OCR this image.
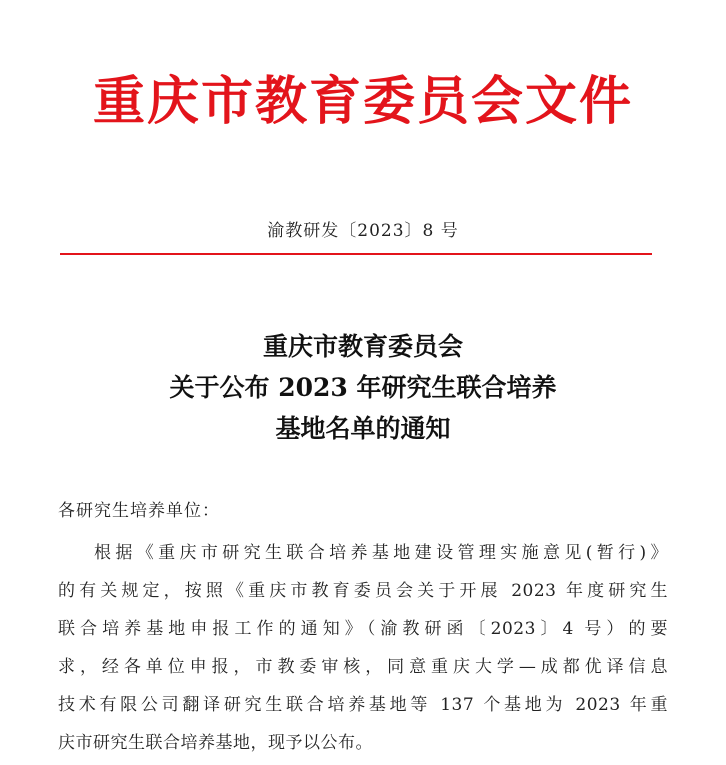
重庆市教育委员会文件
渝教研发〔2023〕8 号
重庆市教育委员会
关于公布 2023 年研究生联合培养
基地名单的通知
各研究生培养单位：
根据《重庆市研究生联合培养基地建设管理实施意见(暂行)》
的有关规定，按照《重庆市教育委员会关于开展 2023 年度研究生
联合培养基地申报工作的通知》（渝教研函〔2023〕4 号）的要
求，经各单位申报，市教委审核，同意重庆大学—成都优译信息
技术有限公司翻译研究生联合培养基地等 137 个基地为 2023 年重
庆市研究生联合培养基地，现予以公布。
